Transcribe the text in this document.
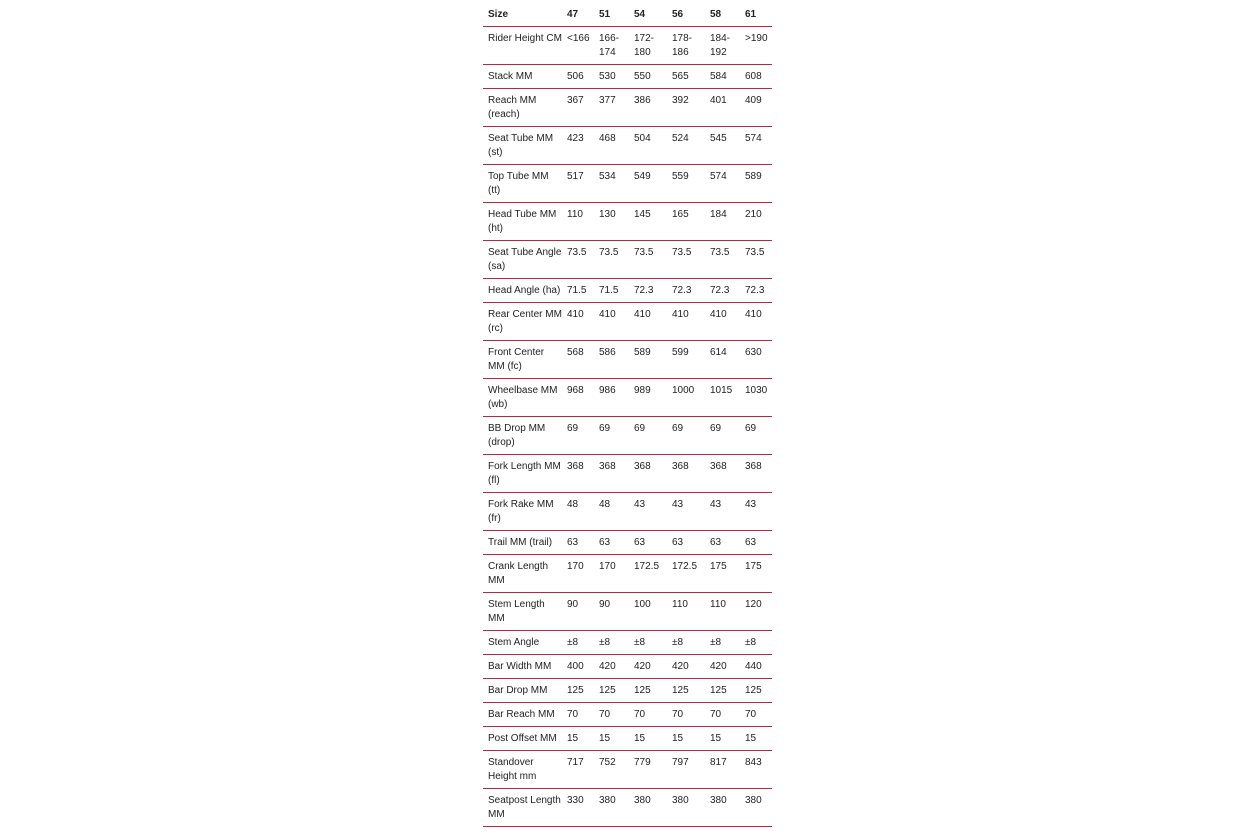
Size	47	51	54	56	58	61
Rider Height CM	<166	166-174	172-180	178-186	184-192	>190
Stack MM	506	530	550	565	584	608
Reach MM (reach)	367	377	386	392	401	409
Seat Tube MM (st)	423	468	504	524	545	574
Top Tube MM (tt)	517	534	549	559	574	589
Head Tube MM (ht)	110	130	145	165	184	210
Seat Tube Angle (sa)	73.5	73.5	73.5	73.5	73.5	73.5
Head Angle (ha)	71.5	71.5	72.3	72.3	72.3	72.3
Rear Center MM (rc)	410	410	410	410	410	410
Front Center MM (fc)	568	586	589	599	614	630
Wheelbase MM (wb)	968	986	989	1000	1015	1030
BB Drop MM (drop)	69	69	69	69	69	69
Fork Length MM (fl)	368	368	368	368	368	368
Fork Rake MM (fr)	48	48	43	43	43	43
Trail MM (trail)	63	63	63	63	63	63
Crank Length MM	170	170	172.5	172.5	175	175
Stem Length MM	90	90	100	110	110	120
Stem Angle	±8	±8	±8	±8	±8	±8
Bar Width MM	400	420	420	420	420	440
Bar Drop MM	125	125	125	125	125	125
Bar Reach MM	70	70	70	70	70	70
Post Offset MM	15	15	15	15	15	15
Standover Height mm	717	752	779	797	817	843
Seatpost Length MM	330	380	380	380	380	380
